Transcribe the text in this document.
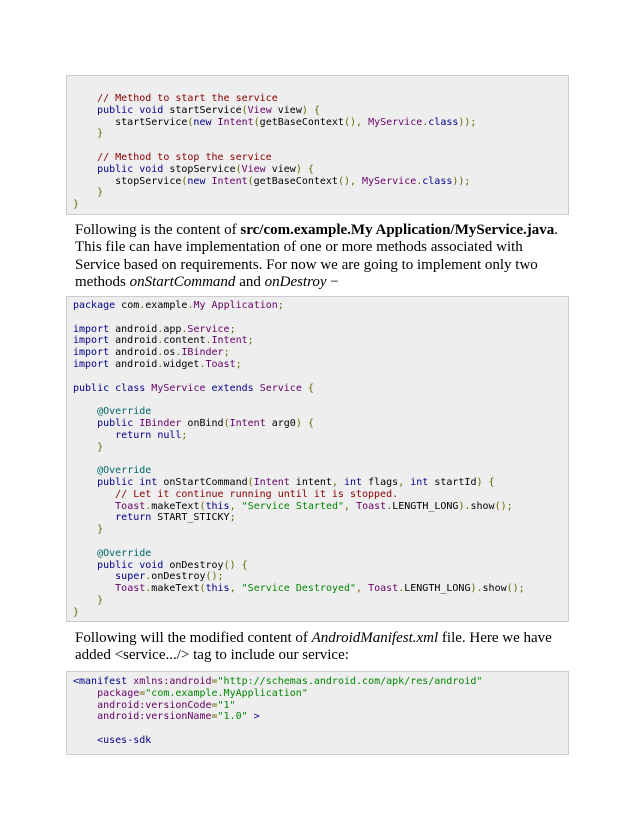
// Method to start the service
public void startService(View view) {
startService(new Intent(getBaseContext(), MyService.class));
}
// Method to stop the service
public void stopService(View view) {
stopService(new Intent(getBaseContext(), MyService.class));
}
}

Following is the content of src/com.example.My Application/MyService.java. This file can have implementation of one or more methods associated with Service based on requirements. For now we are going to implement only two methods onStartCommand and onDestroy −

package com.example.My Application;
import android.app.Service;
import android.content.Intent;
import android.os.IBinder;
import android.widget.Toast;
public class MyService extends Service {
@Override
public IBinder onBind(Intent arg0) {
return null;
}
@Override
public int onStartCommand(Intent intent, int flags, int startId) {
// Let it continue running until it is stopped.
Toast.makeText(this, "Service Started", Toast.LENGTH_LONG).show();
return START_STICKY;
}
@Override
public void onDestroy() {
super.onDestroy();
Toast.makeText(this, "Service Destroyed", Toast.LENGTH_LONG).show();
}
}

Following will the modified content of AndroidManifest.xml file. Here we have added <service.../> tag to include our service:

<manifest xmlns:android="http://schemas.android.com/apk/res/android"
package="com.example.MyApplication"
android:versionCode="1"
android:versionName="1.0" >
<uses-sdk
